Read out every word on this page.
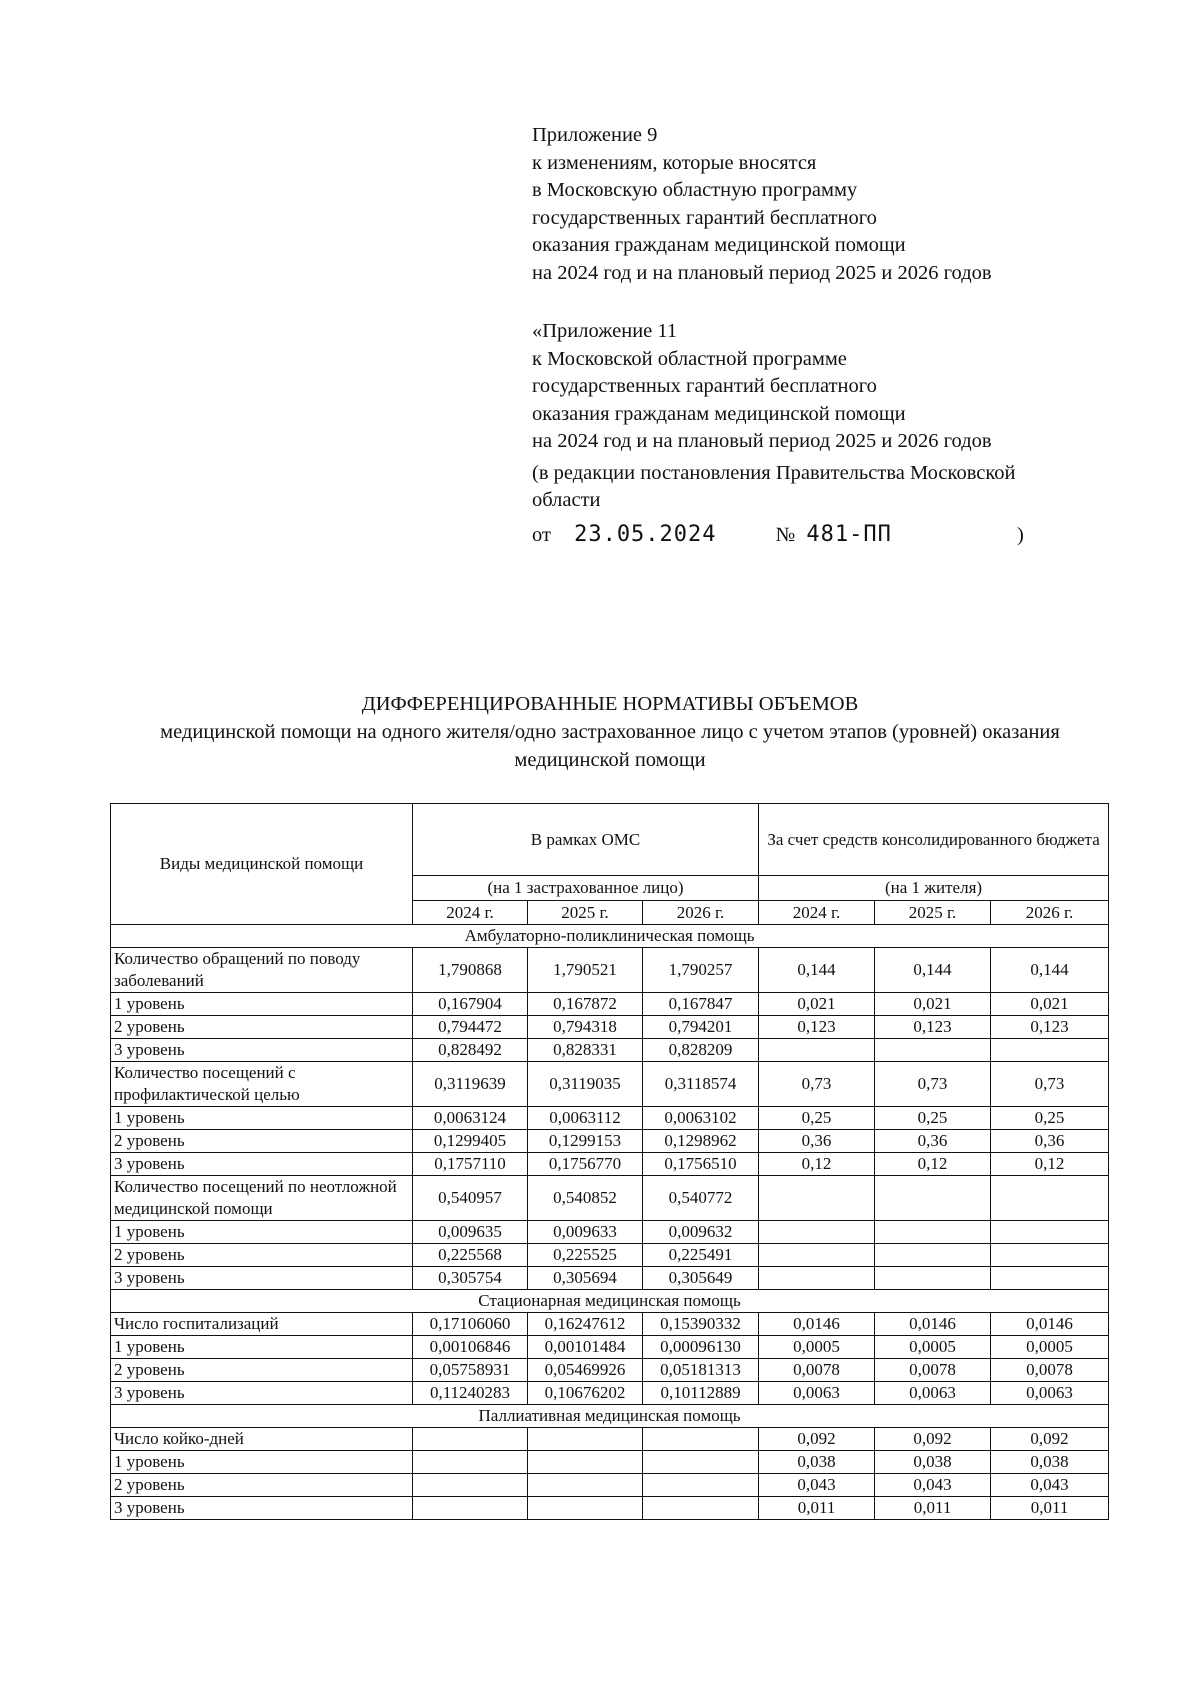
Приложение 9
к изменениям, которые вносятся
в Московскую областную программу
государственных гарантий бесплатного
оказания гражданам медицинской помощи
на 2024 год и на плановый период 2025 и 2026 годов
«Приложение 11
к Московской областной программе
государственных гарантий бесплатного
оказания гражданам медицинской помощи
на 2024 год и на плановый период 2025 и 2026 годов
(в редакции постановления Правительства Московской
области
от 23.05.2024	№ 481-ПП	)
ДИФФЕРЕНЦИРОВАННЫЕ НОРМАТИВЫ ОБЪЕМОВ
медицинской помощи на одного жителя/одно застрахованное лицо с учетом этапов (уровней) оказания
медицинской помощи
Виды медицинской помощи	В рамках ОМС			За счет средств консолидированного бюджета		
	(на 1 застрахованное лицо)			(на 1 жителя)		
	2024 г.	2025 г.	2026 г.	2024 г.	2025 г.	2026 г.
Амбулаторно-поликлиническая помощь						
Количество обращений по поводу заболеваний	1,790868	1,790521	1,790257	0,144	0,144	0,144
1 уровень	0,167904	0,167872	0,167847	0,021	0,021	0,021
2 уровень	0,794472	0,794318	0,794201	0,123	0,123	0,123
3 уровень	0,828492	0,828331	0,828209			
Количество посещений с профилактической целью	0,3119639	0,3119035	0,3118574	0,73	0,73	0,73
1 уровень	0,0063124	0,0063112	0,0063102	0,25	0,25	0,25
2 уровень	0,1299405	0,1299153	0,1298962	0,36	0,36	0,36
3 уровень	0,1757110	0,1756770	0,1756510	0,12	0,12	0,12
Количество посещений по неотложной медицинской помощи	0,540957	0,540852	0,540772			
1 уровень	0,009635	0,009633	0,009632			
2 уровень	0,225568	0,225525	0,225491			
3 уровень	0,305754	0,305694	0,305649			
Стационарная медицинская помощь						
Число госпитализаций	0,17106060	0,16247612	0,15390332	0,0146	0,0146	0,0146
1 уровень	0,00106846	0,00101484	0,00096130	0,0005	0,0005	0,0005
2 уровень	0,05758931	0,05469926	0,05181313	0,0078	0,0078	0,0078
3 уровень	0,11240283	0,10676202	0,10112889	0,0063	0,0063	0,0063
Паллиативная медицинская помощь						
Число койко-дней				0,092	0,092	0,092
1 уровень				0,038	0,038	0,038
2 уровень				0,043	0,043	0,043
3 уровень				0,011	0,011	0,011
